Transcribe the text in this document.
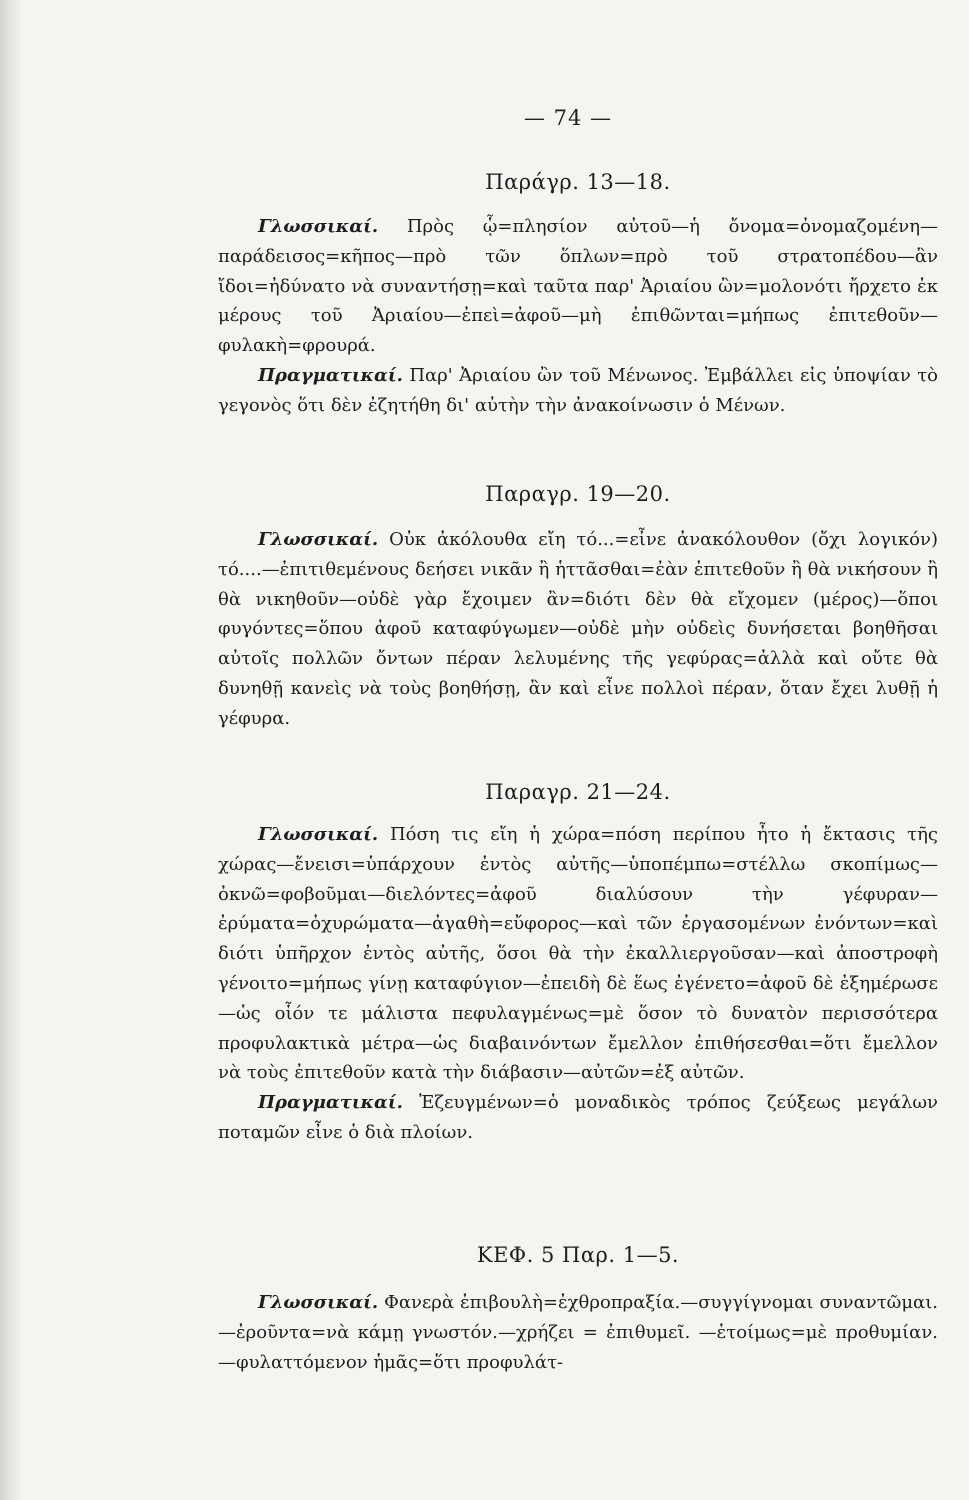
— 74 —
Παράγρ. 13—18.

Γλωσσικαί. Πρὸς ᾧ=πλησίον αὐτοῦ—ἡ ὄνομα=ὀνομαζομένη—παράδεισος=κῆπος—πρὸ τῶν ὅπλων=πρὸ τοῦ στρατοπέδου—ἂν ἴδοι=ἠδύνατο νὰ συναντήσῃ=καὶ ταῦτα παρ' Ἀριαίου ὢν=μολονότι ἤρχετο ἐκ μέρους τοῦ Ἀριαίου—ἐπεὶ=ἀφοῦ—μὴ ἐπιθῶνται=μήπως ἐπιτεθοῦν—φυλακὴ=φρουρά.

Πραγματικαί. Παρ' Ἀριαίου ὢν τοῦ Μένωνος. Ἐμβάλλει εἰς ὑποψίαν τὸ γεγονὸς ὅτι δὲν ἐζητήθη δι' αὐτὴν τὴν ἀνακοίνωσιν ὁ Μένων.

Παραγρ. 19—20.

Γλωσσικαί. Οὐκ ἀκόλουθα εἴη τό...=εἶνε ἀνακόλουθον (ὄχι λογικόν) τό....—ἐπιτιθεμένους δεήσει νικᾶν ἢ ἡττᾶσθαι=ἐὰν ἐπιτεθοῦν ἢ θὰ νικήσουν ἢ θὰ νικηθοῦν—οὐδὲ γὰρ ἔχοιμεν ἂν=διότι δὲν θὰ εἴχομεν (μέρος)—ὅποι φυγόντες=ὅπου ἀφοῦ καταφύγωμεν—οὐδὲ μὴν οὐδεὶς δυνήσεται βοηθῆσαι αὐτοῖς πολλῶν ὄντων πέραν λελυμένης τῆς γεφύρας=ἀλλὰ καὶ οὔτε θὰ δυνηθῇ κανεὶς νὰ τοὺς βοηθήσῃ, ἂν καὶ εἶνε πολλοὶ πέραν, ὅταν ἔχει λυθῇ ἡ γέφυρα.

Παραγρ. 21—24.

Γλωσσικαί. Πόση τις εἴη ἡ χώρα=πόση περίπου ἦτο ἡ ἔκτασις τῆς χώρας—ἔνεισι=ὑπάρχουν ἐντὸς αὐτῆς—ὑποπέμπω=στέλλω σκοπίμως—ὀκνῶ=φοβοῦμαι—διελόντες=ἀφοῦ διαλύσουν τὴν γέφυραν—ἐρύματα=ὀχυρώματα—ἀγαθὴ=εὔφορος—καὶ τῶν ἐργασομένων ἐνόντων=καὶ διότι ὑπῆρχον ἐντὸς αὐτῆς, ὅσοι θὰ τὴν ἐκαλλιεργοῦσαν—καὶ ἀποστροφὴ γένοιτο=μήπως γίνῃ καταφύγιον—ἐπειδὴ δὲ ἕως ἐγένετο=ἀφοῦ δὲ ἐξημέρωσε—ὡς οἷόν τε μάλιστα πεφυλαγμένως=μὲ ὅσον τὸ δυνατὸν περισσότερα προφυλακτικὰ μέτρα—ὡς διαβαινόντων ἔμελλον ἐπιθήσεσθαι=ὅτι ἔμελλον νὰ τοὺς ἐπιτεθοῦν κατὰ τὴν διάβασιν—αὐτῶν=ἐξ αὐτῶν.

Πραγματικαί. Ἐζευγμένων=ὁ μοναδικὸς τρόπος ζεύξεως μεγάλων ποταμῶν εἶνε ὁ διὰ πλοίων.

ΚΕΦ. 5 Παρ. 1—5.

Γλωσσικαί. Φανερὰ ἐπιβουλὴ=ἐχθροπραξία.—συγγίγνομαι συναντῶμαι.—ἐροῦντα=νὰ κάμῃ γνωστόν.—χρήζει = ἐπιθυμεῖ. —ἑτοίμως=μὲ προθυμίαν.—φυλαττόμενον ἡμᾶς=ὅτι προφυλάτ-
